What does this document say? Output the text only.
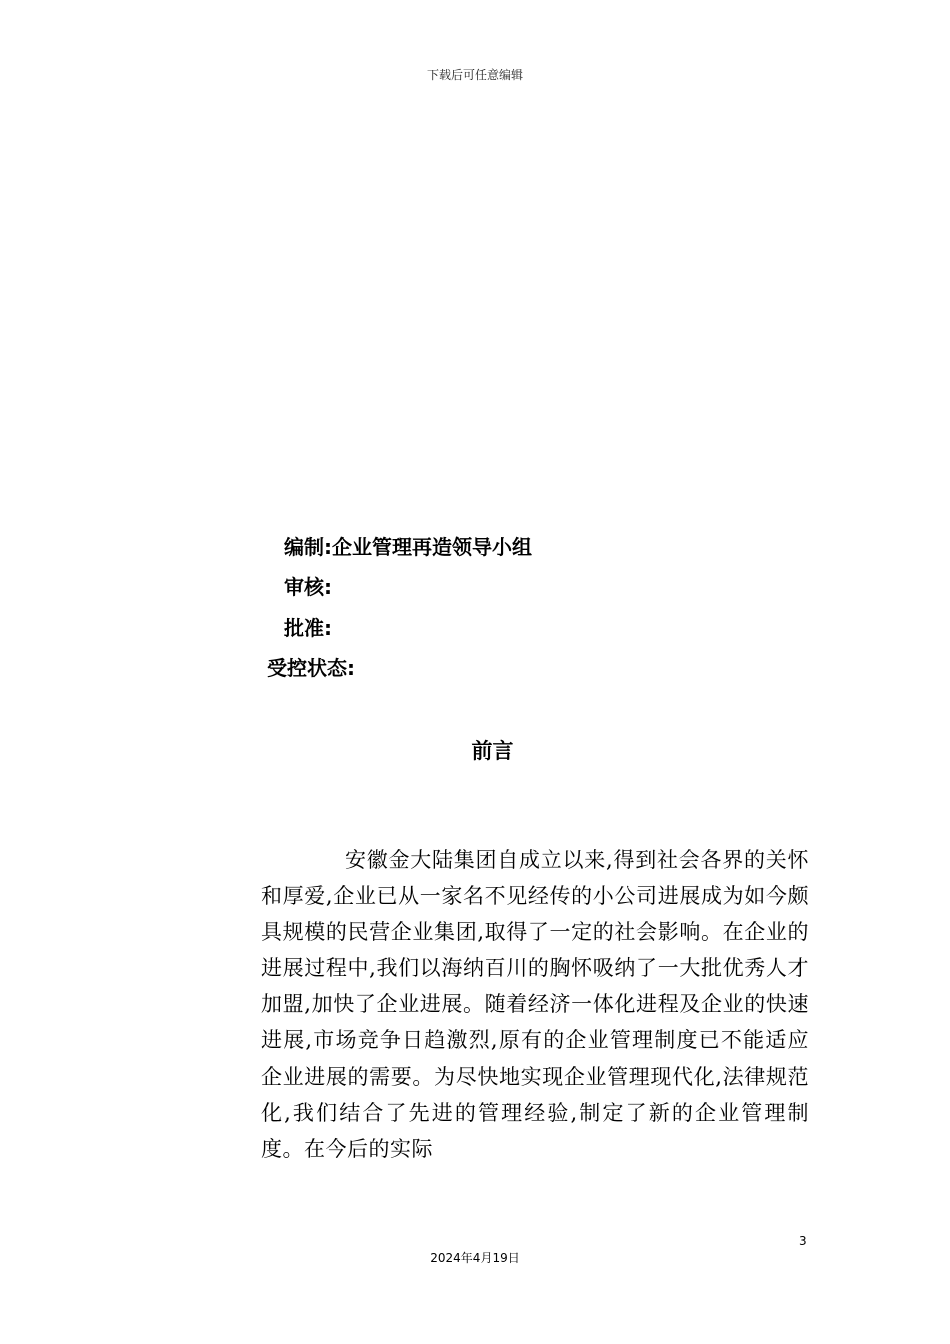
下载后可任意编辑
编制:企业管理再造领导小组
审核:
批准:
受控状态:
前言

安徽金大陆集团自成立以来,得到社会各界的关怀和厚爱,企业已从一家名不见经传的小公司进展成为如今颇具规模的民营企业集团,取得了一定的社会影响。在企业的进展过程中,我们以海纳百川的胸怀吸纳了一大批优秀人才加盟,加快了企业进展。随着经济一体化进程及企业的快速进展,市场竞争日趋激烈,原有的企业管理制度已不能适应企业进展的需要。为尽快地实现企业管理现代化,法律规范化,我们结合了先进的管理经验,制定了新的企业管理制度。在今后的实际

3
2024年4月19日
